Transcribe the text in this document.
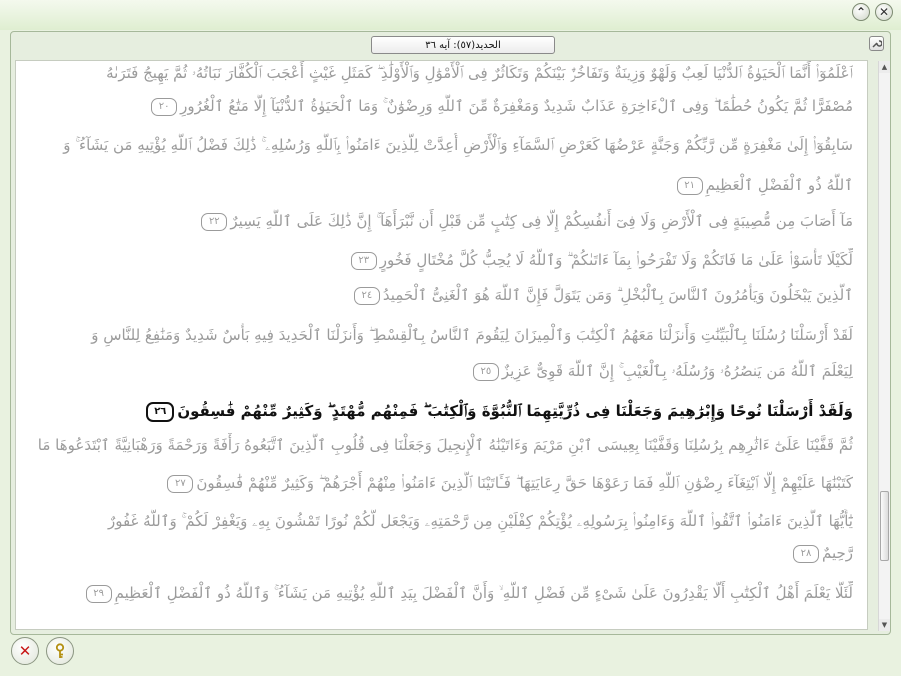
⌃ ✕
الحديد(٥٧): آیه ٣٦
ٱعْلَمُوٓا۟ أَنَّمَا ٱلْحَيَوٰةُ ٱلدُّنْيَا لَعِبٌ وَلَهْوٌ وَزِينَةٌ وَتَفَاخُرٌۢ بَيْنَكُمْ وَتَكَاثُرٌ فِى ٱلْأَمْوَٰلِ وَٱلْأَوْلَٰدِ ۖ كَمَثَلِ غَيْثٍ أَعْجَبَ ٱلْكُفَّارَ نَبَاتُهُۥ ثُمَّ يَهِيجُ فَتَرَىٰهُ
مُصْفَرًّا ثُمَّ يَكُونُ حُطَٰمًا ۖ وَفِى ٱلْءَاخِرَةِ عَذَابٌ شَدِيدٌ وَمَغْفِرَةٌ مِّنَ ٱللَّهِ وَرِضْوَٰنٌ ۚ وَمَا ٱلْحَيَوٰةُ ٱلدُّنْيَآ إِلَّا مَتَٰعُ ٱلْغُرُورِ٢٠
سَابِقُوٓا۟ إِلَىٰ مَغْفِرَةٍ مِّن رَّبِّكُمْ وَجَنَّةٍ عَرْضُهَا كَعَرْضِ ٱلسَّمَآءِ وَٱلْأَرْضِ أُعِدَّتْ لِلَّذِينَ ءَامَنُوا۟ بِٱللَّهِ وَرُسُلِهِۦ ۚ ذَٰلِكَ فَضْلُ ٱللَّهِ يُؤْتِيهِ مَن يَشَآءُ ۚ وَ
ٱللَّهُ ذُو ٱلْفَضْلِ ٱلْعَظِيمِ٢١
مَآ أَصَابَ مِن مُّصِيبَةٍ فِى ٱلْأَرْضِ وَلَا فِىٓ أَنفُسِكُمْ إِلَّا فِى كِتَٰبٍ مِّن قَبْلِ أَن نَّبْرَأَهَآ ۚ إِنَّ ذَٰلِكَ عَلَى ٱللَّهِ يَسِيرٌ٢٢
لِّكَيْلَا تَأْسَوْا۟ عَلَىٰ مَا فَاتَكُمْ وَلَا تَفْرَحُوا۟ بِمَآ ءَاتَىٰكُمْ ۗ وَٱللَّهُ لَا يُحِبُّ كُلَّ مُخْتَالٍ فَخُورٍ٢٣
ٱلَّذِينَ يَبْخَلُونَ وَيَأْمُرُونَ ٱلنَّاسَ بِٱلْبُخْلِ ۗ وَمَن يَتَوَلَّ فَإِنَّ ٱللَّهَ هُوَ ٱلْغَنِىُّ ٱلْحَمِيدُ٢٤
لَقَدْ أَرْسَلْنَا رُسُلَنَا بِٱلْبَيِّنَٰتِ وَأَنزَلْنَا مَعَهُمُ ٱلْكِتَٰبَ وَٱلْمِيزَانَ لِيَقُومَ ٱلنَّاسُ بِٱلْقِسْطِ ۖ وَأَنزَلْنَا ٱلْحَدِيدَ فِيهِ بَأْسٌ شَدِيدٌ وَمَنَٰفِعُ لِلنَّاسِ وَ
لِيَعْلَمَ ٱللَّهُ مَن يَنصُرُهُۥ وَرُسُلَهُۥ بِٱلْغَيْبِ ۚ إِنَّ ٱللَّهَ قَوِىٌّ عَزِيزٌ٢٥
وَلَقَدْ أَرْسَلْنَا نُوحًا وَإِبْرَٰهِيمَ وَجَعَلْنَا فِى ذُرِّيَّتِهِمَا ٱلنُّبُوَّةَ وَٱلْكِتَٰبَ ۖ فَمِنْهُم مُّهْتَدٍ ۖ وَكَثِيرٌ مِّنْهُمْ فَٰسِقُونَ٢٦
ثُمَّ قَفَّيْنَا عَلَىٰٓ ءَاثَٰرِهِم بِرُسُلِنَا وَقَفَّيْنَا بِعِيسَى ٱبْنِ مَرْيَمَ وَءَاتَيْنَٰهُ ٱلْإِنجِيلَ وَجَعَلْنَا فِى قُلُوبِ ٱلَّذِينَ ٱتَّبَعُوهُ رَأْفَةً وَرَحْمَةً وَرَهْبَانِيَّةً ٱبْتَدَعُوهَا مَا
كَتَبْنَٰهَا عَلَيْهِمْ إِلَّا ٱبْتِغَآءَ رِضْوَٰنِ ٱللَّهِ فَمَا رَعَوْهَا حَقَّ رِعَايَتِهَا ۖ فَـَٔاتَيْنَا ٱلَّذِينَ ءَامَنُوا۟ مِنْهُمْ أَجْرَهُمْ ۖ وَكَثِيرٌ مِّنْهُمْ فَٰسِقُونَ٢٧
يَٰٓأَيُّهَا ٱلَّذِينَ ءَامَنُوا۟ ٱتَّقُوا۟ ٱللَّهَ وَءَامِنُوا۟ بِرَسُولِهِۦ يُؤْتِكُمْ كِفْلَيْنِ مِن رَّحْمَتِهِۦ وَيَجْعَل لَّكُمْ نُورًا تَمْشُونَ بِهِۦ وَيَغْفِرْ لَكُمْ ۚ وَٱللَّهُ غَفُورٌ
رَّحِيمٌ٢٨
لِّئَلَّا يَعْلَمَ أَهْلُ ٱلْكِتَٰبِ أَلَّا يَقْدِرُونَ عَلَىٰ شَىْءٍ مِّن فَضْلِ ٱللَّهِ ۙ وَأَنَّ ٱلْفَضْلَ بِيَدِ ٱللَّهِ يُؤْتِيهِ مَن يَشَآءُ ۚ وَٱللَّهُ ذُو ٱلْفَضْلِ ٱلْعَظِيمِ٢٩
▲
▼
✕
